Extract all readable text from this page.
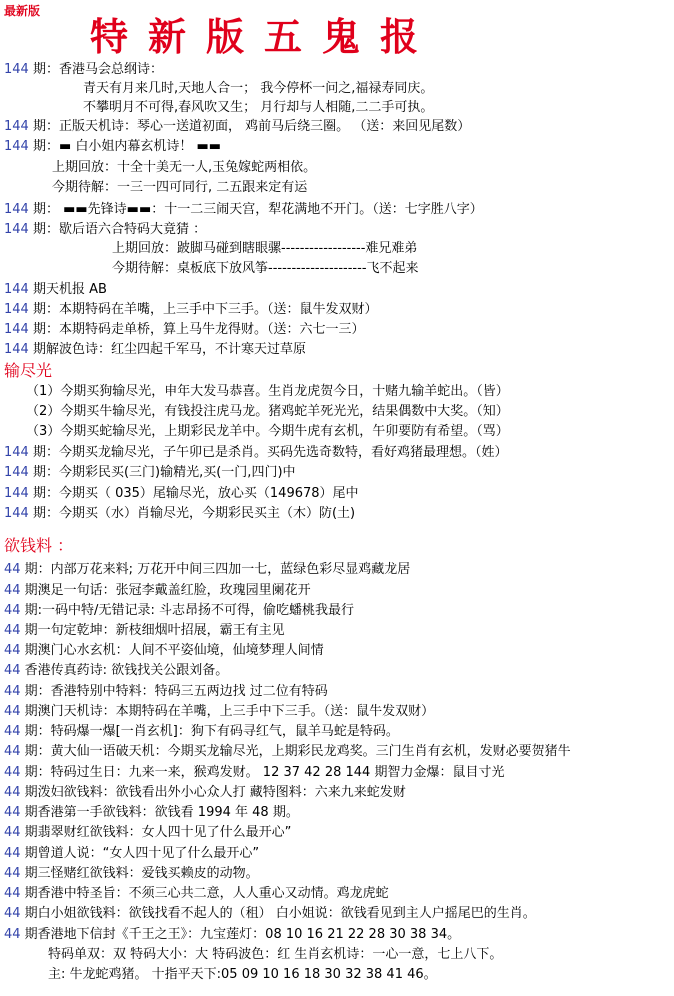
最新版
特新版五鬼报
144 期：香港马会总纲诗：
青天有月来几时,天地人合一； 我今停杯一问之,福禄寿同庆。
不攀明月不可得,春风吹又生； 月行却与人相随,二二手可执。
144 期：正版天机诗：琴心一送道初面， 鸡前马后绕三圈。 （送：来回见尾数）
144 期：▬ 白小姐内幕玄机诗！ ▬▬
上期回放：十全十美无一人,玉兔嫁蛇两相依。
今期待解：一三一四可同行, 二五跟来定有运
144 期： ▬▬先锋诗▬▬：十一二三闹天宫，犁花满地不开门。（送：七字胜八字）
144 期：歇后语六合特码大竟猜 ：
上期回放：跛脚马碰到瞎眼骡------------------难兄难弟
今期待解：桌板底下放风筝---------------------飞不起来
144 期天机报 AB
144 期：本期特码在羊嘴，上三手中下三手。（送：鼠牛发双财）
144 期：本期特码走单桥，算上马牛龙得财。（送：六七一三）
144 期解波色诗：红尘四起千军马，不计寒天过草原
输尽光
（1）今期买狗输尽光，申年大发马恭喜。生肖龙虎贺今日，十赌九输羊蛇出。（皆）
（2）今期买牛输尽光，有钱投注虎马龙。猪鸡蛇羊死光光，结果偶数中大奖。（知）
（3）今期买蛇输尽光，上期彩民龙羊中。今期牛虎有玄机，午卯要防有希望。（骂）
144 期：今期买龙输尽光，子午卯已是杀肖。买码先选奇数特，看好鸡猪最理想。（姓）
144 期：今期彩民买(三门)输精光,买(一门,四门)中
144 期：今期买（ 035）尾输尽光，放心买（149678）尾中
144 期：今期买（水）肖输尽光，今期彩民买主（木）防(土)
欲钱料 ：
44 期：内部万花来料; 万花开中间三四加一七，蓝绿色彩尽显鸡藏龙居
44 期澳足一句话：张冠李戴盖红脸，玫瑰园里阑花开
44 期:一码中特/无错记录: 斗志昂扬不可得，偷吃蟠桃我最行
44 期一句定乾坤：新枝细烟叶招展，霸王有主见
44 期澳门心水玄机：人间不平姿仙境，仙境梦理人间情
44 香港传真药诗: 欲钱找关公跟刘备。
44 期：香港特别中特料：特码三五两边找 过二位有特码
44 期澳门天机诗：本期特码在羊嘴，上三手中下三手。（送：鼠牛发双财）
44 期：特码爆一爆[一肖玄机]：狗下有码寻红气，鼠羊马蛇是特码。
44 期：黄大仙一语破天机：今期买龙输尽光，上期彩民龙鸡奖。三门生肖有玄机，发财必要贺猪牛
44 期：特码过生日：九来一来，猴鸡发财。 12 37 42 28 144 期智力金爆：鼠目寸光
44 期泼妇欲钱料：欲钱看出外小心众人打 藏特图料：六来九来蛇发财
44 期香港第一手欲钱料：欲钱看 1994 年 48 期。
44 期翡翠财红欲钱料：女人四十见了什么最开心”
44 期曾道人说：“女人四十见了什么最开心”
44 期三怪赌红欲钱料：爱钱买赖皮的动物。
44 期香港中特圣旨：不须三心共二意，人人重心又动情。鸡龙虎蛇
44 期白小姐欲钱料：欲钱找看不起人的（租） 白小姐说：欲钱看见到主人户摇尾巴的生肖。
44 期香港地下信封《千王之王》：九宝莲灯：08 10 16 21 22 28 30 38 34。
特码单双：双 特码大小：大 特码波色：红 生肖玄机诗：一心一意，七上八下。
主: 牛龙蛇鸡猪。 十指平天下:05 09 10 16 18 30 32 38 41 46。
